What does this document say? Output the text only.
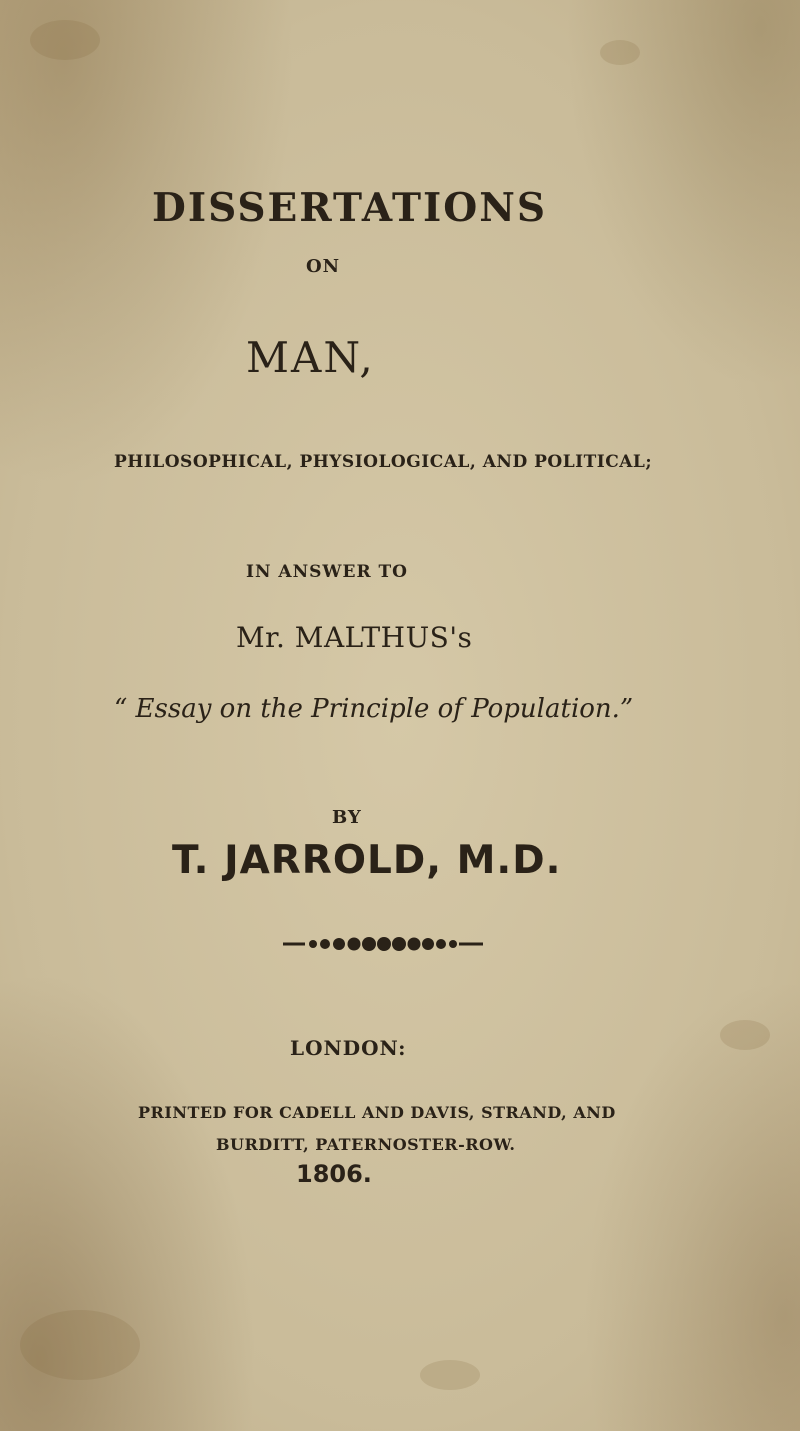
DISSERTATIONS
ON
MAN,
PHILOSOPHICAL, PHYSIOLOGICAL, AND POLITICAL;
IN ANSWER TO
Mr. MALTHUS's
“ Essay on the Principle of Population.”
BY
T. JARROLD, M.D.
LONDON:
PRINTED FOR CADELL AND DAVIS, STRAND, AND
BURDITT, PATERNOSTER-ROW.
1806.
